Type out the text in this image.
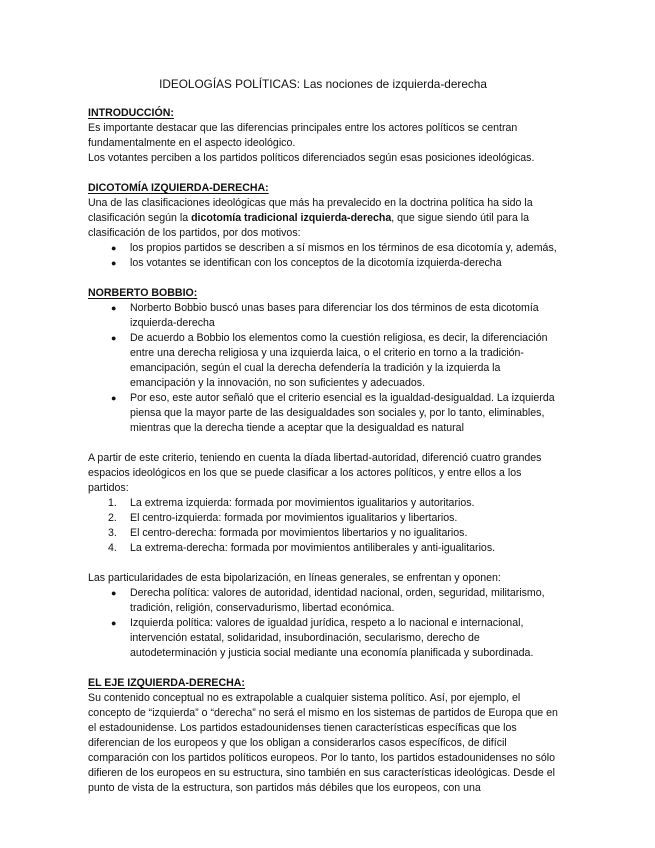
IDEOLOGÍAS POLÍTICAS: Las nociones de izquierda-derecha
INTRODUCCIÓN:

Es importante destacar que las diferencias principales entre los actores políticos se centran fundamentalmente en el aspecto ideológico.

Los votantes perciben a los partidos políticos diferenciados según esas posiciones ideológicas.

DICOTOMÍA IZQUIERDA-DERECHA:

Una de las clasificaciones ideológicas que más ha prevalecido en la doctrina política ha sido la clasificación según la dicotomía tradicional izquierda-derecha, que sigue siendo útil para la clasificación de los partidos, por dos motivos:

●	los propios partidos se describen a sí mismos en los términos de esa dicotomía y, además,
●	los votantes se identifican con los conceptos de la dicotomía izquierda-derecha
NORBERTO BOBBIO:
●	Norberto Bobbio buscó unas bases para diferenciar los dos términos de esta dicotomía izquierda-derecha
●	De acuerdo a Bobbio los elementos como la cuestión religiosa, es decir, la diferenciación entre una derecha religiosa y una izquierda laica, o el criterio en torno a la tradición-emancipación, según el cual la derecha defendería la tradición y la izquierda la emancipación y la innovación, no son suficientes y adecuados.
●	Por eso, este autor señaló que el criterio esencial es la igualdad-desigualdad. La izquierda piensa que la mayor parte de las desigualdades son sociales y, por lo tanto, eliminables, mientras que la derecha tiende a aceptar que la desigualdad es natural

A partir de este criterio, teniendo en cuenta la díada libertad-autoridad, diferenció cuatro grandes espacios ideológicos en los que se puede clasificar a los actores políticos, y entre ellos a los partidos:

1.	La extrema izquierda: formada por movimientos igualitarios y autoritarios.
2.	El centro-izquierda: formada por movimientos igualitarios y libertarios.
3.	El centro-derecha: formada por movimientos libertarios y no igualitarios.
4.	La extrema-derecha: formada por movimientos antiliberales y anti-igualitarios.

Las particularidades de esta bipolarización, en líneas generales, se enfrentan y oponen:

●	Derecha política: valores de autoridad, identidad nacional, orden, seguridad, militarismo, tradición, religión, conservadurismo, libertad económica.
●	Izquierda política: valores de igualdad jurídica, respeto a lo nacional e internacional, intervención estatal, solidaridad, insubordinación, secularismo, derecho de autodeterminación y justicia social mediante una economía planificada y subordinada.
EL EJE IZQUIERDA-DERECHA:

Su contenido conceptual no es extrapolable a cualquier sistema político. Así, por ejemplo, el concepto de “izquierda” o “derecha” no será el mismo en los sistemas de partidos de Europa que en el estadounidense. Los partidos estadounidenses tienen características específicas que los diferencian de los europeos y que los obligan a considerarlos casos específicos, de difícil comparación con los partidos políticos europeos. Por lo tanto, los partidos estadounidenses no sólo difieren de los europeos en su estructura, sino también en sus características ideológicas. Desde el punto de vista de la estructura, son partidos más débiles que los europeos, con una
